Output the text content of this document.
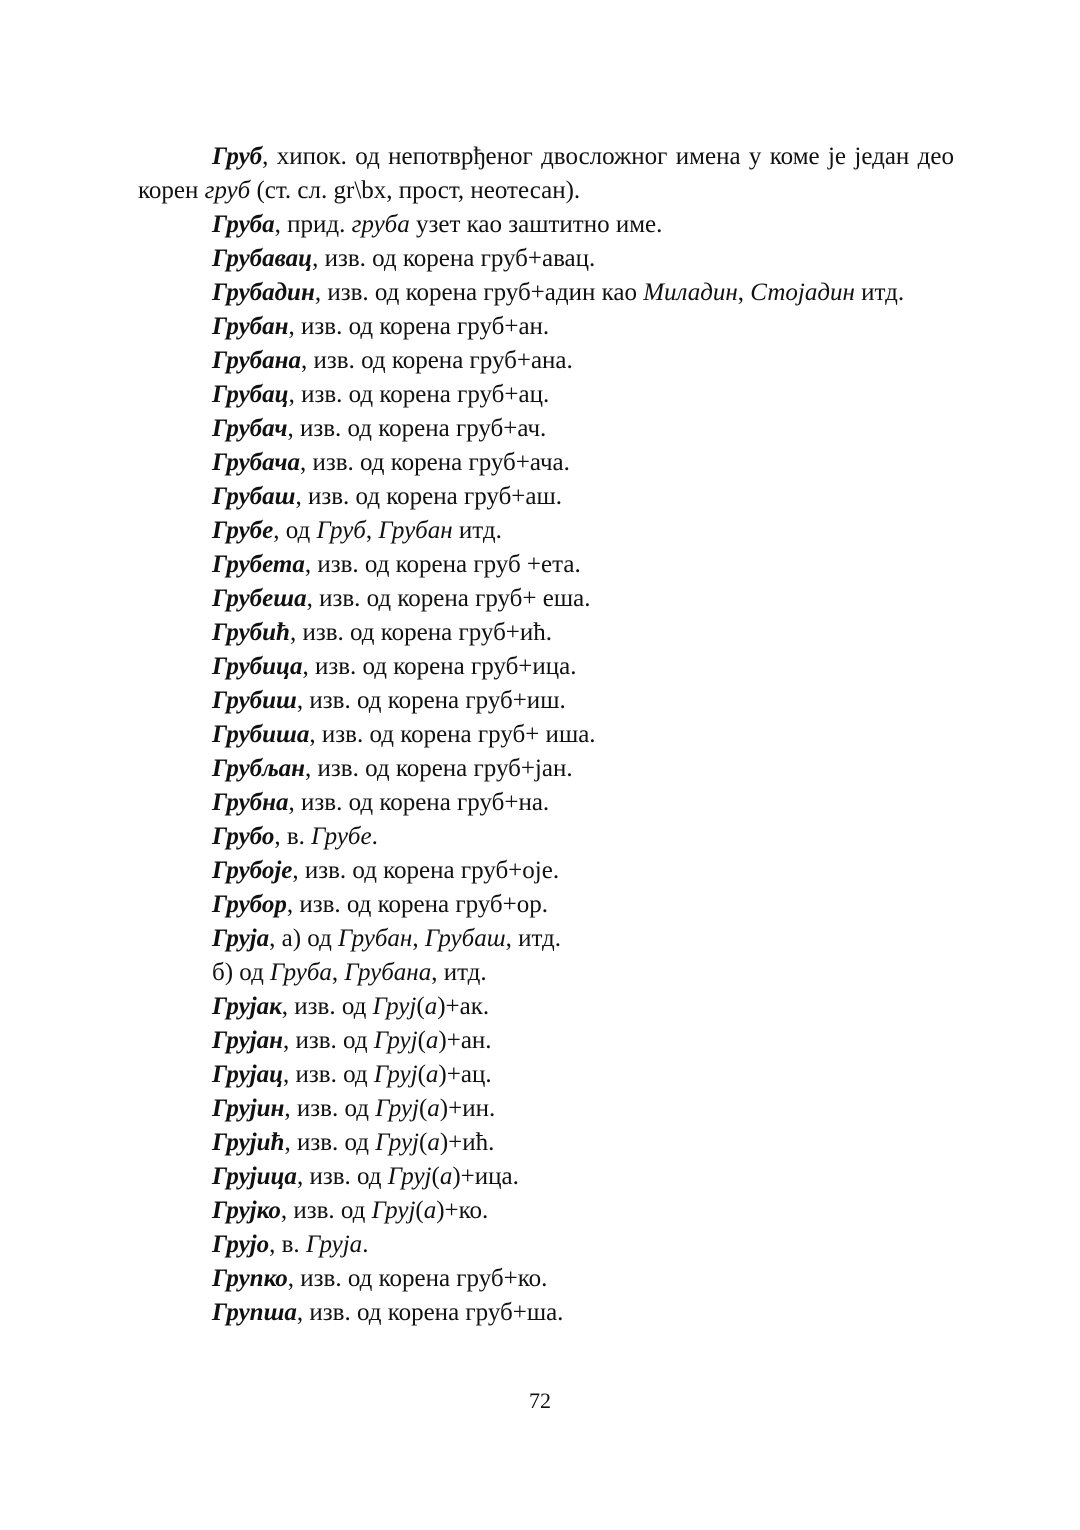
Груб, хипок. од непотврђеног двосложног имена у коме је један део корен груб (ст. сл. gr\bx, прост, неотесан).

Груба, прид. груба узет као заштитно име.

Грубавац, изв. од корена груб+авац.

Грубадин, изв. од корена груб+адин као Миладин, Стојадин итд.

Грубан, изв. од корена груб+ан.

Грубана, изв. од корена груб+ана.

Грубац, изв. од корена груб+ац.

Грубач, изв. од корена груб+ач.

Грубача, изв. од корена груб+ача.

Грубаш, изв. од корена груб+аш.

Грубе, од Груб, Грубан итд.

Грубета, изв. од корена груб +ета.

Грубеша, изв. од корена груб+ еша.

Грубић, изв. од корена груб+ић.

Грубица, изв. од корена груб+ица.

Грубиш, изв. од корена груб+иш.

Грубиша, изв. од корена груб+ иша.

Грубљан, изв. од корена груб+јан.

Грубна, изв. од корена груб+на.

Грубо, в. Грубе.

Грубоје, изв. од корена груб+оје.

Грубор, изв. од корена груб+ор.

Груја, а) од Грубан, Грубаш, итд.

б) од Груба, Грубана, итд.

Грујак, изв. од Груј(а)+ак.

Грујан, изв. од Груј(а)+ан.

Грујац, изв. од Груј(а)+ац.

Грујин, изв. од Груј(а)+ин.

Грујић, изв. од Груј(а)+ић.

Грујица, изв. од Груј(а)+ица.

Грујко, изв. од Груј(а)+ко.

Грујо, в. Груја.

Групко, изв. од корена груб+ко.

Групша, изв. од корена груб+ша.

72
